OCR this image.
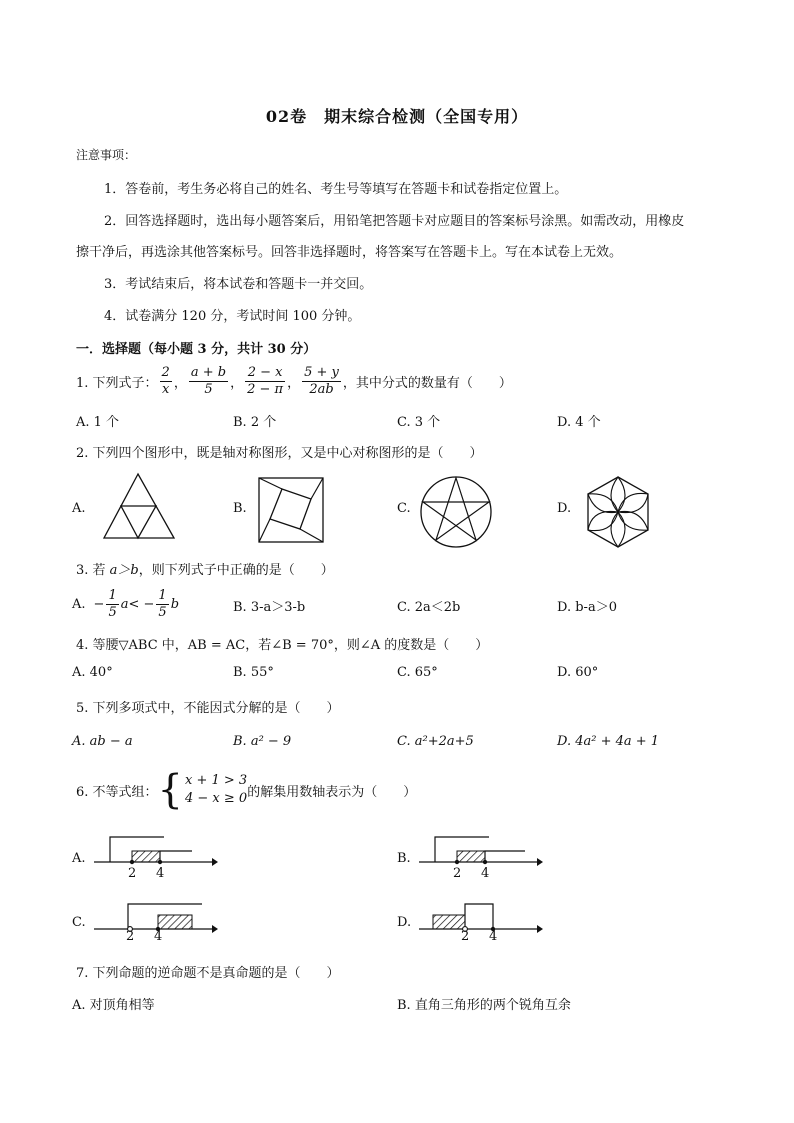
02卷　期末综合检测（全国专用）
注意事项：
1．答卷前，考生务必将自己的姓名、考生号等填写在答题卡和试卷指定位置上。
2．回答选择题时，选出每小题答案后，用铅笔把答题卡对应题目的答案标号涂黑。如需改动，用橡皮
擦干净后，再选涂其他答案标号。回答非选择题时，将答案写在答题卡上。写在本试卷上无效。
3．考试结束后，将本试卷和答题卡一并交回。
4．试卷满分 120 分，考试时间 100 分钟。
一．选择题（每小题 3 分，共计 30 分）
1. 下列式子： $\frac{2}{x}$ ， $\frac{a + b}{5}$ ， $\frac{2 - x}{2 - \pi}$ ， $\frac{5 + y}{2ab}$ ，其中分式的数量有（　　）
A. 1 个	B. 2 个	C. 3 个	D. 4 个
2. 下列四个图形中，既是轴对称图形，又是中心对称图形的是（　　）
A.	B.	C.	D.
3. 若 a＞b，则下列式子中正确的是（　　）
A. − $\frac{1}{5}$ a < − $\frac{1}{5}$ b	B. 3-a＞3-b	C. 2a＜2b	D. b-a＞0
4. 等腰▽ABC 中，AB = AC，若∠B = 70°，则∠A 的度数是（　　）
A. 40°	B. 55°	C. 65°	D. 60°
5. 下列多项式中，不能因式分解的是（　　）
A. ab − a	B. a² − 9	C. a²+2a+5	D. 4a² + 4a + 1
6. 不等式组： { x + 1 > 3
4 − x ≥ 0 的解集用数轴表示为（　　）
A.
2 4
B.
2 4
C.
2 4
D.
2 4
7. 下列命题的逆命题不是真命题的是（　　）
A. 对顶角相等	B. 直角三角形的两个锐角互余
